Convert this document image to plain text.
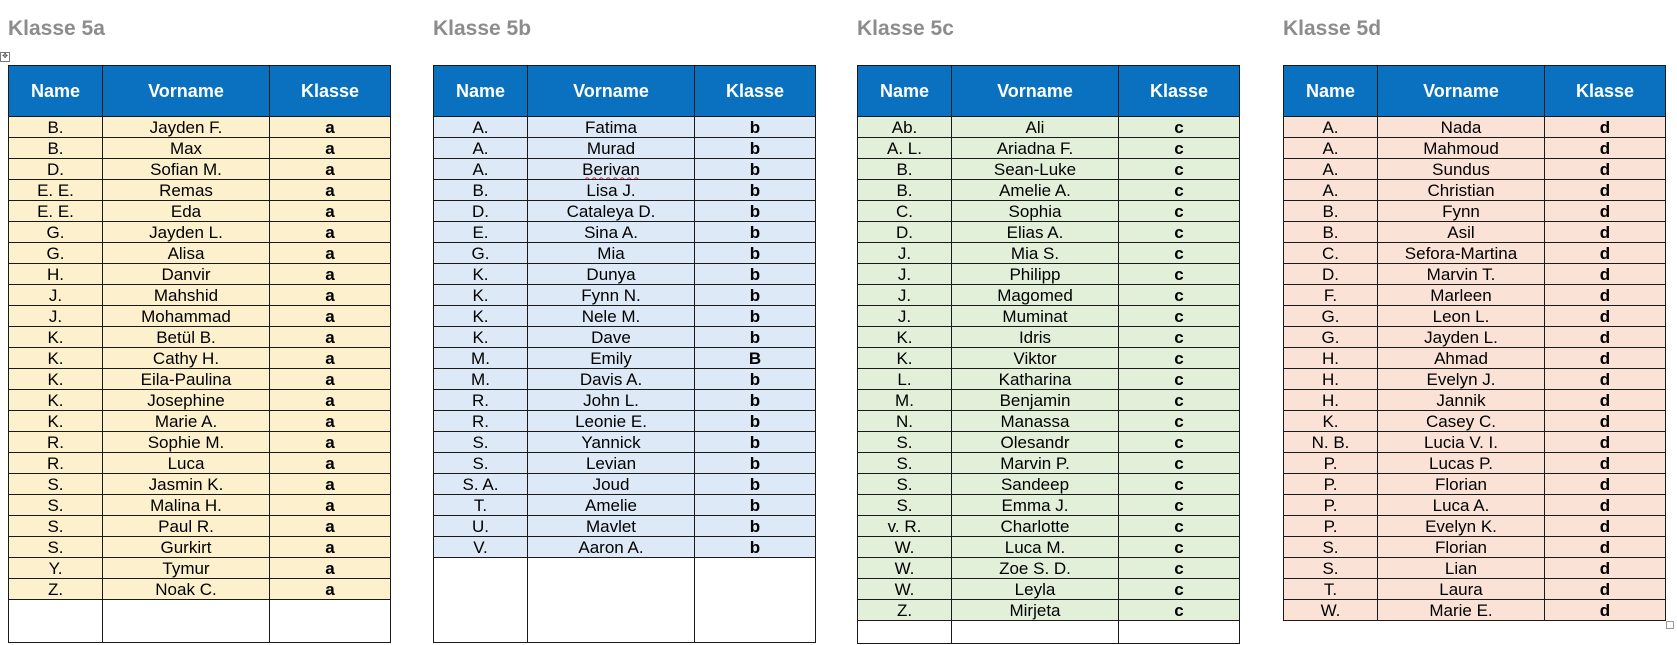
✥
Klasse 5a
Name	Vorname	Klasse
B.	Jayden F.	a
B.	Max	a
D.	Sofian M.	a
E. E.	Remas	a
E. E.	Eda	a
G.	Jayden L.	a
G.	Alisa	a
H.	Danvir	a
J.	Mahshid	a
J.	Mohammad	a
K.	Betül B.	a
K.	Cathy H.	a
K.	Eila-Paulina	a
K.	Josephine	a
K.	Marie A.	a
R.	Sophie M.	a
R.	Luca	a
S.	Jasmin K.	a
S.	Malina H.	a
S.	Paul R.	a
S.	Gurkirt	a
Y.	Tymur	a
Z.	Noak C.	a

Klasse 5b
Name	Vorname	Klasse
A.	Fatima	b
A.	Murad	b
A.	Berivan	b
B.	Lisa J.	b
D.	Cataleya D.	b
E.	Sina A.	b
G.	Mia	b
K.	Dunya	b
K.	Fynn N.	b
K.	Nele M.	b
K.	Dave	b
M.	Emily	B
M.	Davis A.	b
R.	John L.	b
R.	Leonie E.	b
S.	Yannick	b
S.	Levian	b
S. A.	Joud	b
T.	Amelie	b
U.	Mavlet	b
V.	Aaron A.	b

Klasse 5c
Name	Vorname	Klasse
Ab.	Ali	c
A. L.	Ariadna F.	c
B.	Sean-Luke	c
B.	Amelie A.	c
C.	Sophia	c
D.	Elias A.	c
J.	Mia S.	c
J.	Philipp	c
J.	Magomed	c
J.	Muminat	c
K.	Idris	c
K.	Viktor	c
L.	Katharina	c
M.	Benjamin	c
N.	Manassa	c
S.	Olesandr	c
S.	Marvin P.	c
S.	Sandeep	c
S.	Emma J.	c
v. R.	Charlotte	c
W.	Luca M.	c
W.	Zoe S. D.	c
W.	Leyla	c
Z.	Mirjeta	c

Klasse 5d
Name	Vorname	Klasse
A.	Nada	d
A.	Mahmoud	d
A.	Sundus	d
A.	Christian	d
B.	Fynn	d
B.	Asil	d
C.	Sefora-Martina	d
D.	Marvin T.	d
F.	Marleen	d
G.	Leon L.	d
G.	Jayden L.	d
H.	Ahmad	d
H.	Evelyn J.	d
H.	Jannik	d
K.	Casey C.	d
N. B.	Lucia V. I.	d
P.	Lucas P.	d
P.	Florian	d
P.	Luca A.	d
P.	Evelyn K.	d
S.	Florian	d
S.	Lian	d
T.	Laura	d
W.	Marie E.	d
